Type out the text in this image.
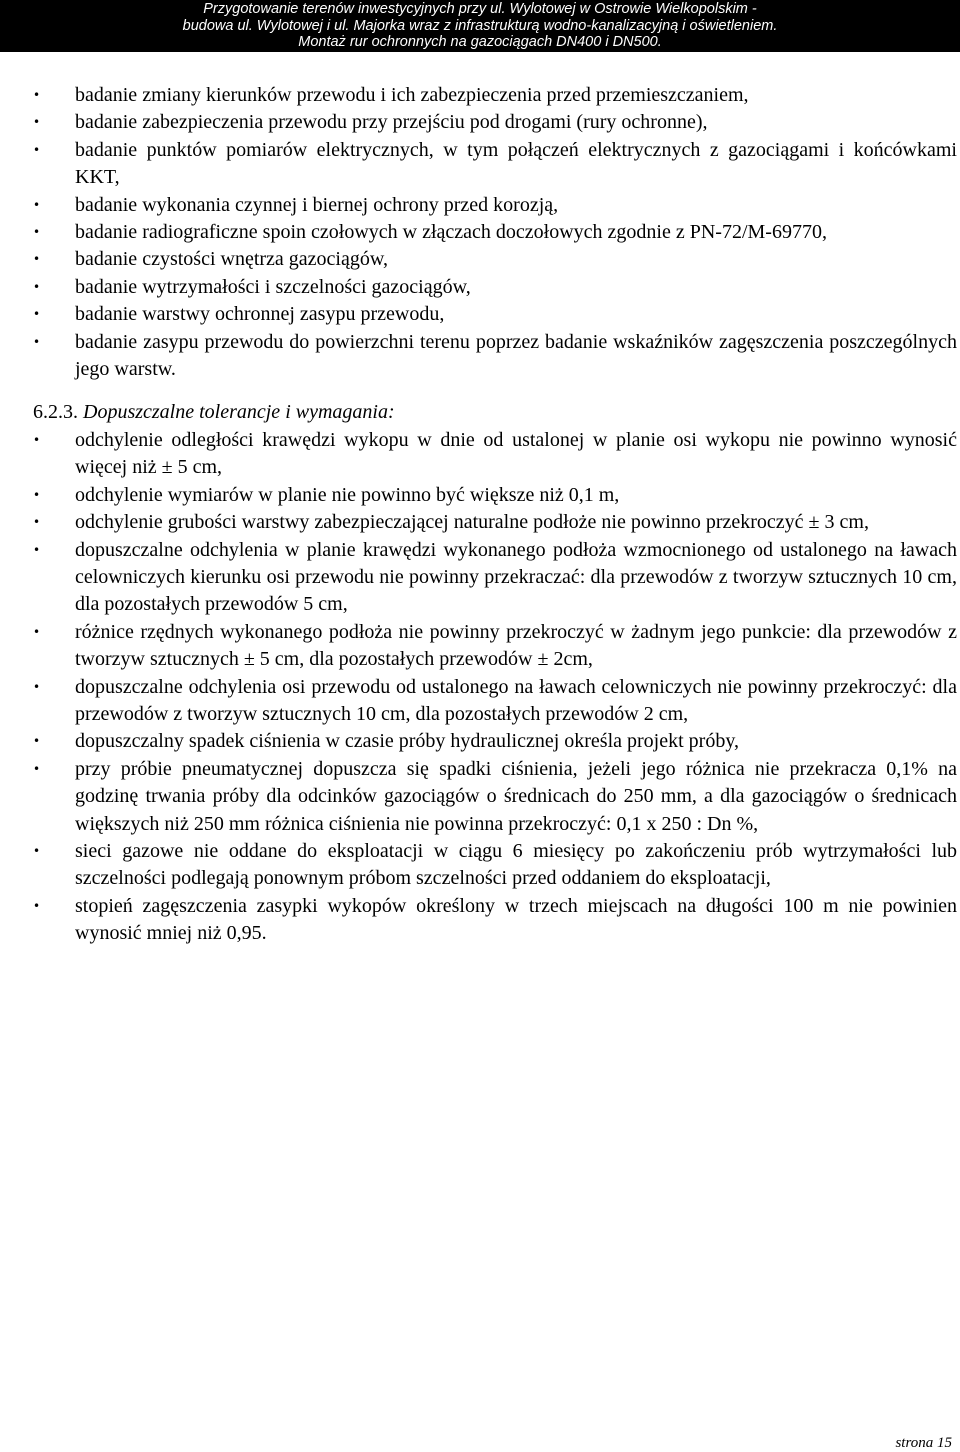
Przygotowanie terenów inwestycyjnych przy ul. Wylotowej w Ostrowie Wielkopolskim -
budowa ul. Wylotowej i ul. Majorka wraz z infrastrukturą wodno-kanalizacyjną i oświetleniem.
Montaż rur ochronnych na gazociągach DN400 i DN500.
• badanie zmiany kierunków przewodu i ich zabezpieczenia przed przemieszczaniem,
• badanie zabezpieczenia przewodu przy przejściu pod drogami (rury ochronne),
• badanie punktów pomiarów elektrycznych, w tym połączeń elektrycznych z gazociągami i końcówkami KKT,
• badanie wykonania czynnej i biernej ochrony przed korozją,
• badanie radiograficzne spoin czołowych w złączach doczołowych zgodnie z PN-72/M-69770,
• badanie czystości wnętrza gazociągów,
• badanie wytrzymałości i szczelności gazociągów,
• badanie warstwy ochronnej zasypu przewodu,
• badanie zasypu przewodu do powierzchni terenu poprzez badanie wskaźników zagęszczenia poszczególnych jego warstw.
6.2.3. Dopuszczalne tolerancje i wymagania:
• odchylenie odległości krawędzi wykopu w dnie od ustalonej w planie osi wykopu nie powinno wynosić więcej niż ± 5 cm,
• odchylenie wymiarów w planie nie powinno być większe niż 0,1 m,
• odchylenie grubości warstwy zabezpieczającej naturalne podłoże nie powinno przekroczyć ± 3 cm,
• dopuszczalne odchylenia w planie krawędzi wykonanego podłoża wzmocnionego od ustalonego na ławach celowniczych kierunku osi przewodu nie powinny przekraczać: dla przewodów z tworzyw sztucznych 10 cm, dla pozostałych przewodów 5 cm,
• różnice rzędnych wykonanego podłoża nie powinny przekroczyć w żadnym jego punkcie: dla przewodów z tworzyw sztucznych ± 5 cm, dla pozostałych przewodów ± 2cm,
• dopuszczalne odchylenia osi przewodu od ustalonego na ławach celowniczych nie powinny przekroczyć: dla przewodów z tworzyw sztucznych 10 cm, dla pozostałych przewodów 2 cm,
• dopuszczalny spadek ciśnienia w czasie próby hydraulicznej określa projekt próby,
• przy próbie pneumatycznej dopuszcza się spadki ciśnienia, jeżeli jego różnica nie przekracza 0,1% na godzinę trwania próby dla odcinków gazociągów o średnicach do 250 mm, a dla gazociągów o średnicach większych niż 250 mm różnica ciśnienia nie powinna przekroczyć: 0,1 x 250 : Dn %,
• sieci gazowe nie oddane do eksploatacji w ciągu 6 miesięcy po zakończeniu prób wytrzymałości lub szczelności podlegają ponownym próbom szczelności przed oddaniem do eksploatacji,
• stopień zagęszczenia zasypki wykopów określony w trzech miejscach na długości 100 m nie powinien wynosić mniej niż 0,95.
strona 15
